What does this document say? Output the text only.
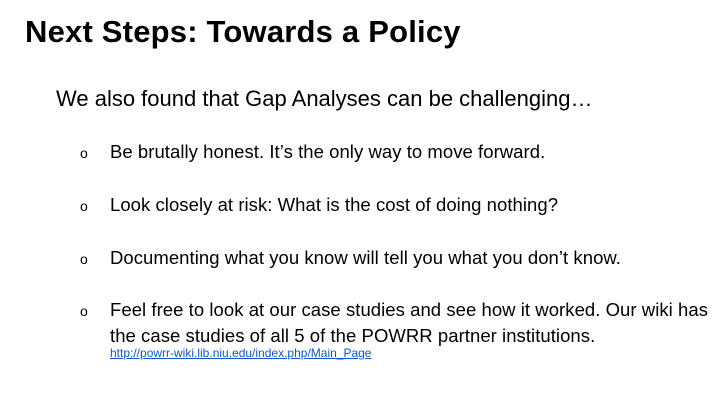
Next Steps: Towards a Policy
We also found that Gap Analyses can be challenging…
o	Be brutally honest. It’s the only way to move forward.
o	Look closely at risk: What is the cost of doing nothing?
o	Documenting what you know will tell you what you don’t know.
o	Feel free to look at our case studies and see how it worked. Our wiki has the case studies of all 5 of the POWRR partner institutions.
http://powrr-wiki.lib.niu.edu/index.php/Main_Page
